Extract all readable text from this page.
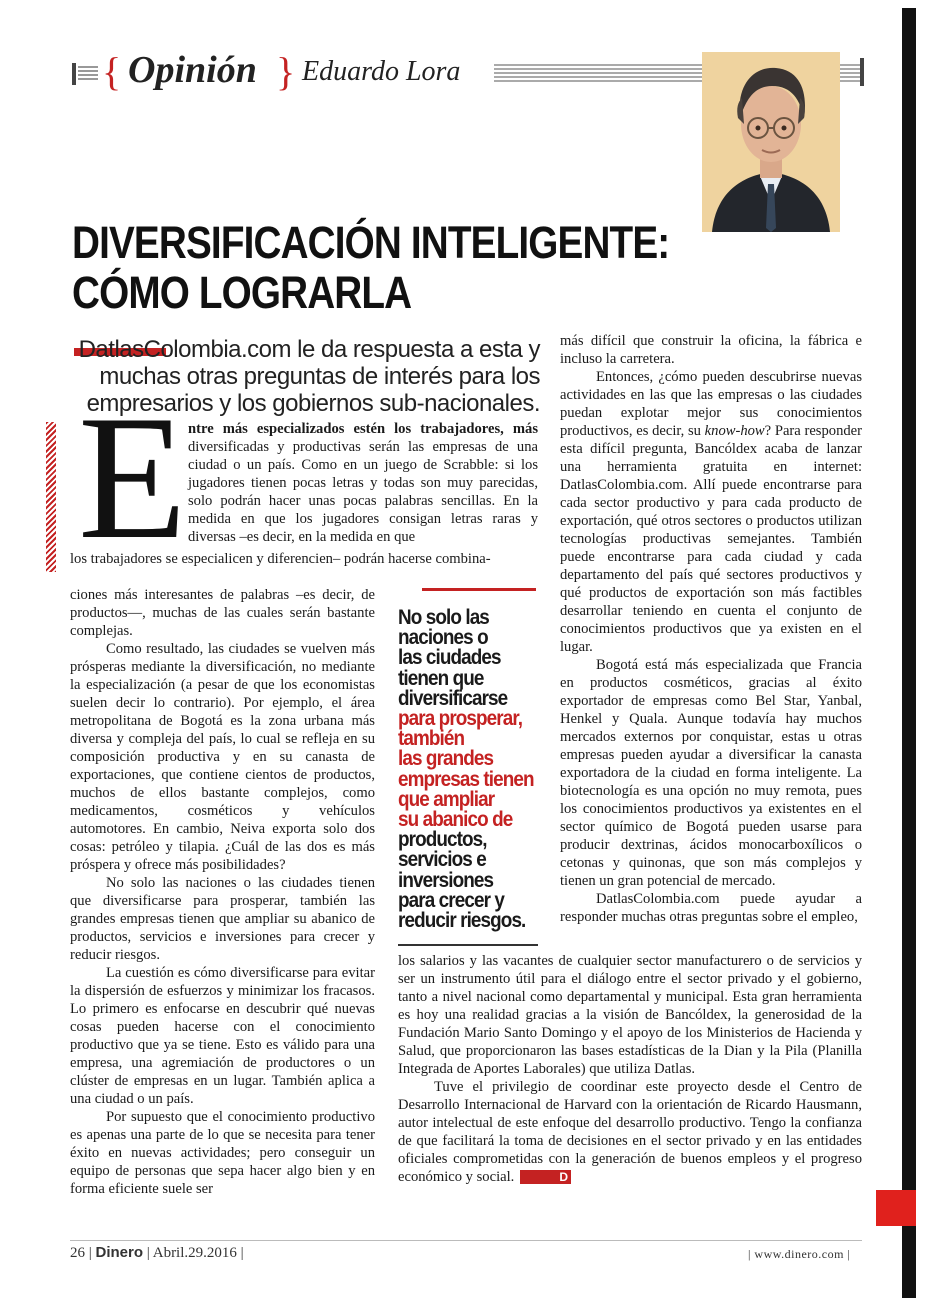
{ Opinión } Eduardo Lora
DIVERSIFICACIÓN INTELIGENTE:
CÓMO LOGRARLA
DatlasColombia.com le da respuesta a esta y muchas otras preguntas de interés para los empresarios y los gobiernos sub-nacionales.
E ntre más especializados estén los trabajadores, más diversificadas y productivas serán las empresas de una ciudad o un país. Como en un juego de Scrabble: si los jugadores tienen pocas letras y todas son muy parecidas, solo podrán hacer unas pocas palabras sencillas. En la medida en que los jugadores consigan letras raras y diversas –es decir, en la medida en que

los trabajadores se especialicen y diferencien– podrán hacerse combina-

ciones más interesantes de palabras –es decir, de productos—, muchas de las cuales serán bastante complejas.

Como resultado, las ciudades se vuelven más prósperas mediante la diversificación, no mediante la especialización (a pesar de que los economistas suelen decir lo contrario). Por ejemplo, el área metropolitana de Bogotá es la zona urbana más diversa y compleja del país, lo cual se refleja en su composición productiva y en su canasta de exportaciones, que contiene cientos de productos, muchos de ellos bastante complejos, como medicamentos, cosméticos y vehículos automotores. En cambio, Neiva exporta solo dos cosas: petróleo y tilapia. ¿Cuál de las dos es más próspera y ofrece más posibilidades?

No solo las naciones o las ciudades tienen que diversificarse para prosperar, también las grandes empresas tienen que ampliar su abanico de productos, servicios e inversiones para crecer y reducir riesgos.

La cuestión es cómo diversificarse para evitar la dispersión de esfuerzos y minimizar los fracasos. Lo primero es enfocarse en descubrir qué nuevas cosas pueden hacerse con el conocimiento productivo que ya se tiene. Esto es válido para una empresa, una agremiación de productores o un clúster de empresas en un lugar. También aplica a una ciudad o un país.

Por supuesto que el conocimiento productivo es apenas una parte de lo que se necesita para tener éxito en nuevas actividades; pero conseguir un equipo de personas que sepa hacer algo bien y en forma eficiente suele ser

No solo las
naciones o
las ciudades
tienen que
diversificarse
para prosperar,
también
las grandes
empresas tienen
que ampliar
su abanico de
productos,
servicios e
inversiones
para crecer y
reducir riesgos.

más difícil que construir la oficina, la fábrica e incluso la carretera.

Entonces, ¿cómo pueden descubrirse nuevas actividades en las que las empresas o las ciudades puedan explotar mejor sus conocimientos productivos, es decir, su know-how? Para responder esta difícil pregunta, Bancóldex acaba de lanzar una herramienta gratuita en internet: DatlasColombia.com. Allí puede encontrarse para cada sector productivo y para cada producto de exportación, qué otros sectores o productos utilizan tecnologías productivas semejantes. También puede encontrarse para cada ciudad y cada departamento del país qué sectores productivos y qué productos de exportación son más factibles desarrollar teniendo en cuenta el conjunto de conocimientos productivos que ya existen en el lugar.

Bogotá está más especializada que Francia en productos cosméticos, gracias al éxito exportador de empresas como Bel Star, Yanbal, Henkel y Quala. Aunque todavía hay muchos mercados externos por conquistar, estas u otras empresas pueden ayudar a diversificar la canasta exportadora de la ciudad en forma inteligente. La biotecnología es una opción no muy remota, pues los conocimientos productivos ya existentes en el sector químico de Bogotá pueden usarse para producir dextrinas, ácidos monocarboxílicos o cetonas y quinonas, que son más complejos y tienen un gran potencial de mercado.

DatlasColombia.com puede ayudar a responder muchas otras preguntas sobre el empleo,

los salarios y las vacantes de cualquier sector manufacturero o de servicios y ser un instrumento útil para el diálogo entre el sector privado y el gobierno, tanto a nivel nacional como departamental y municipal. Esta gran herramienta es hoy una realidad gracias a la visión de Bancóldex, la generosidad de la Fundación Mario Santo Domingo y el apoyo de los Ministerios de Hacienda y Salud, que proporcionaron las bases estadísticas de la Dian y la Pila (Planilla Integrada de Aportes Laborales) que utiliza Datlas.

Tuve el privilegio de coordinar este proyecto desde el Centro de Desarrollo Internacional de Harvard con la orientación de Ricardo Hausmann, autor intelectual de este enfoque del desarrollo productivo. Tengo la confianza de que facilitará la toma de decisiones en el sector privado y en las entidades oficiales comprometidas con la generación de buenos empleos y el progreso económico y social.	D

26 | Dinero | Abril.29.2016 |	| www.dinero.com |
